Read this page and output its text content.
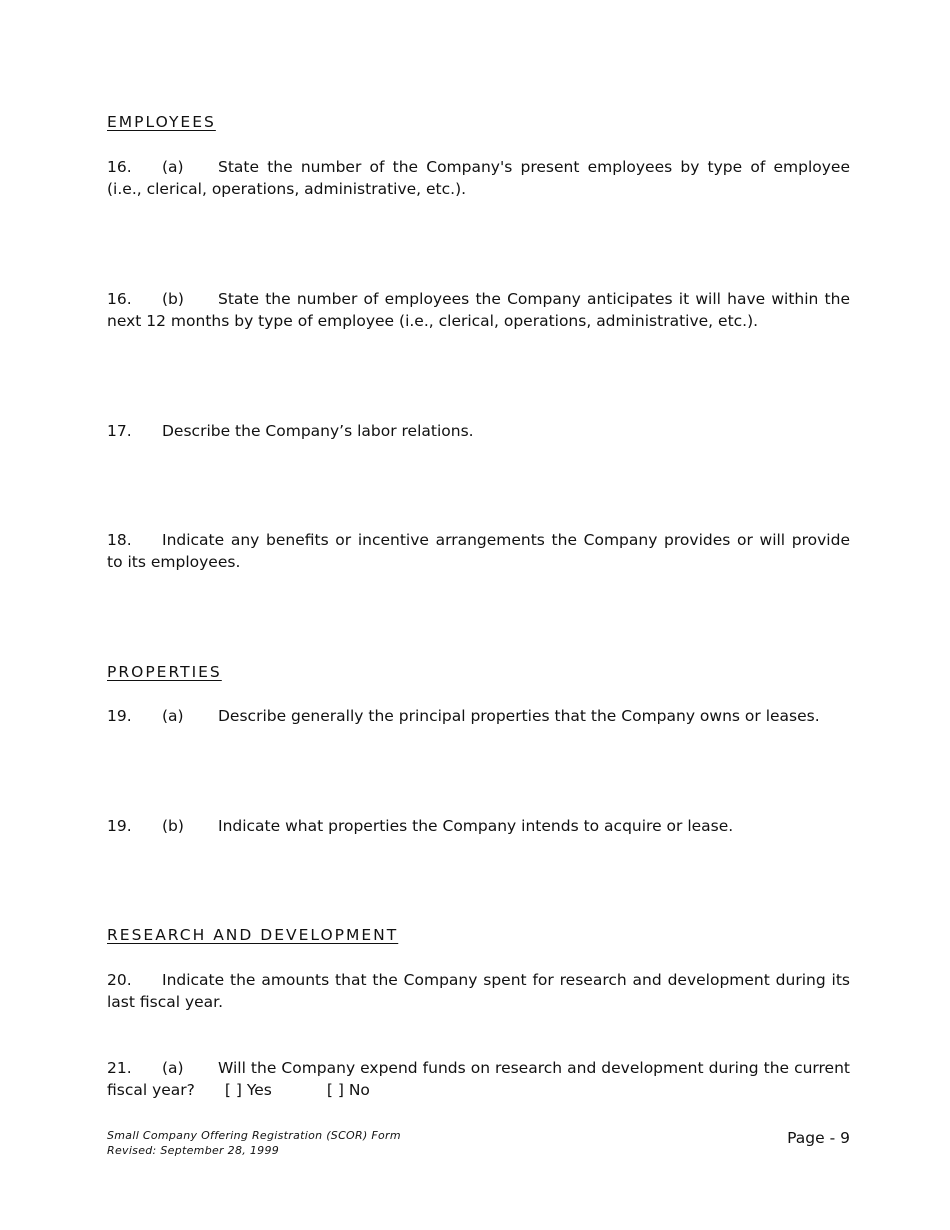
EMPLOYEES

16. (a) State the number of the Company's present employees by type of employee (i.e., clerical, operations, administrative, etc.).

16. (b) State the number of employees the Company anticipates it will have within the next 12 months by type of employee (i.e., clerical, operations, administrative, etc.).

17. Describe the Company’s labor relations.

18. Indicate any benefits or incentive arrangements the Company provides or will provide to its employees.

PROPERTIES

19. (a) Describe generally the principal properties that the Company owns or leases.

19. (b) Indicate what properties the Company intends to acquire or lease.

RESEARCH AND DEVELOPMENT

20. Indicate the amounts that the Company spent for research and development during its last fiscal year.

21. (a) Will the Company expend funds on research and development during the current fiscal year? [ ] Yes	[ ] No

Small Company Offering Registration (SCOR) Form
Revised: September 28, 1999
Page - 9
